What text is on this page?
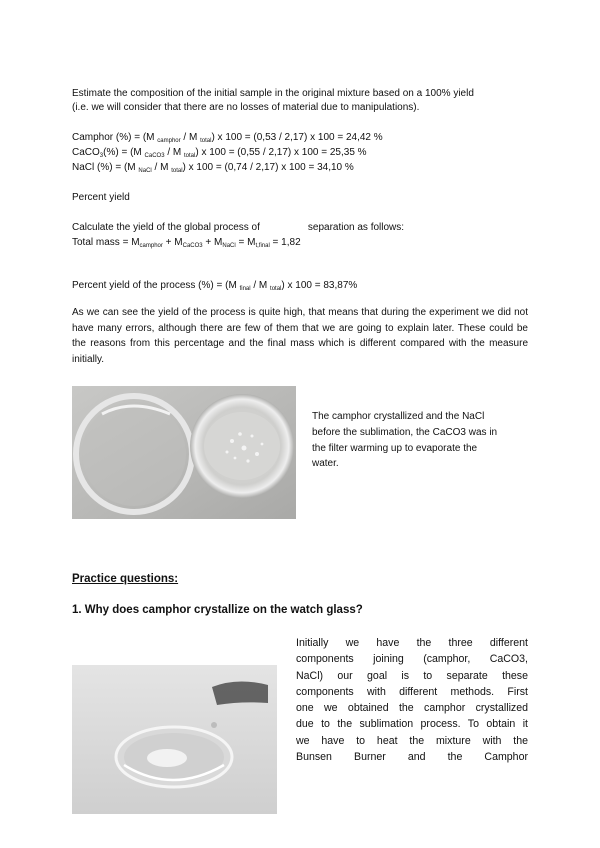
Estimate the composition of the initial sample in the original mixture based on a 100% yield
(i.e. we will consider that there are no losses of material due to manipulations).
Camphor (%) = (M $_{camphor}$ / M $_{total}$) x 100 = (0,53 / 2,17) x 100 = 24,42 %
CaCO$_3$(%) = (M $_{CaCO3}$ / M $_{total}$) x 100 = (0,55 / 2,17) x 100 = 25,35 %
NaCl (%) = (M $_{NaCl}$ / M $_{total}$) x 100 = (0,74 / 2,17) x 100 = 34,10 %
Percent yield
Calculate the yield of the global process of	separation as follows:
Total mass = $M_{camphor} + M_{CaCO3} + M_{NaCl} = M_{t,final} = 1,82$
Percent yield of the process (%) = (M $_{final}$ / M $_{total}$) x 100 = 83,87%
As we can see the yield of the process is quite high, that means that during the experiment we did not have many errors, although there are few of them that we are going to explain later. These could be the reasons from this percentage and the final mass which is different compared with the measure initially.
The camphor crystallized and the NaCl
before the sublimation, the CaCO3 was in
the filter warming up to evaporate the
water.
Practice questions:
1. Why does camphor crystallize on the watch glass?
Initially we have the three different
components joining (camphor, CaCO3,
NaCl) our goal is to separate these
components with different methods. First
one we obtained the camphor crystallized
due to the sublimation process. To obtain it
we have to heat the mixture with the
Bunsen Burner and the Camphor
